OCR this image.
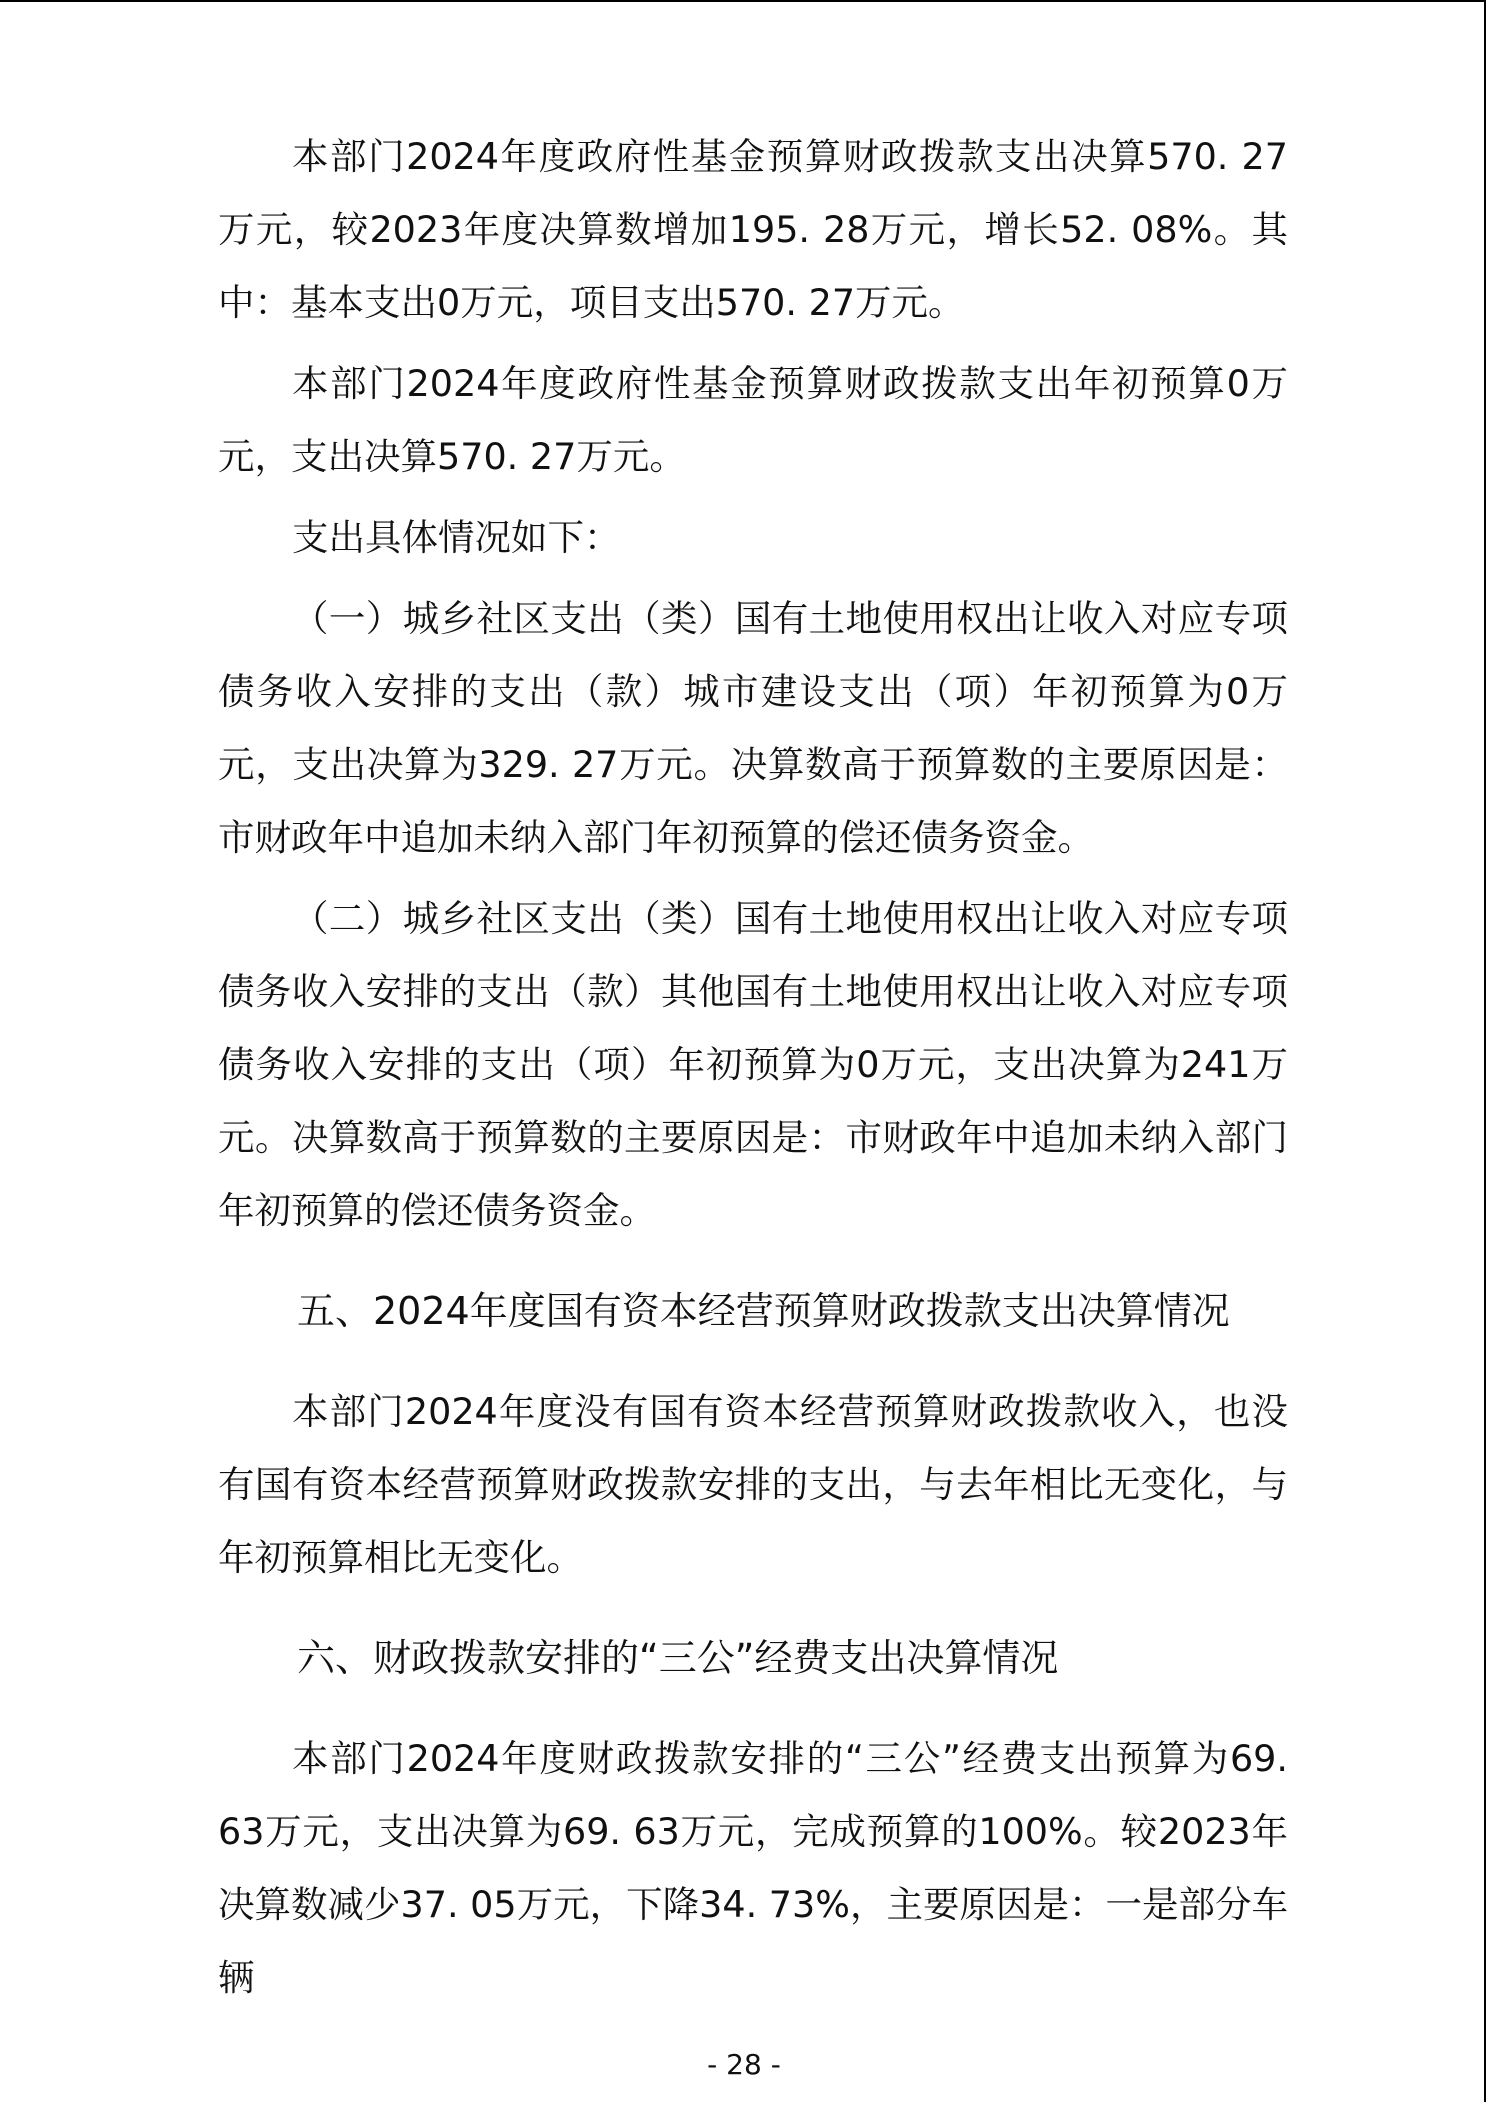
本部门2024年度政府性基金预算财政拨款支出决算570. 27万元，较2023年度决算数增加195. 28万元，增长52. 08%。其中：基本支出0万元，项目支出570. 27万元。

本部门2024年度政府性基金预算财政拨款支出年初预算0万元，支出决算570. 27万元。

支出具体情况如下：

（一）城乡社区支出（类）国有土地使用权出让收入对应专项债务收入安排的支出（款）城市建设支出（项）年初预算为0万元，支出决算为329. 27万元。决算数高于预算数的主要原因是：市财政年中追加未纳入部门年初预算的偿还债务资金。

（二）城乡社区支出（类）国有土地使用权出让收入对应专项债务收入安排的支出（款）其他国有土地使用权出让收入对应专项债务收入安排的支出（项）年初预算为0万元，支出决算为241万元。决算数高于预算数的主要原因是：市财政年中追加未纳入部门年初预算的偿还债务资金。

五、2024年度国有资本经营预算财政拨款支出决算情况

本部门2024年度没有国有资本经营预算财政拨款收入，也没有国有资本经营预算财政拨款安排的支出，与去年相比无变化，与年初预算相比无变化。

六、财政拨款安排的“三公”经费支出决算情况

本部门2024年度财政拨款安排的“三公”经费支出预算为69. 63万元，支出决算为69. 63万元，完成预算的100%。较2023年决算数减少37. 05万元，下降34. 73%，主要原因是：一是部分车辆

- 28 -
